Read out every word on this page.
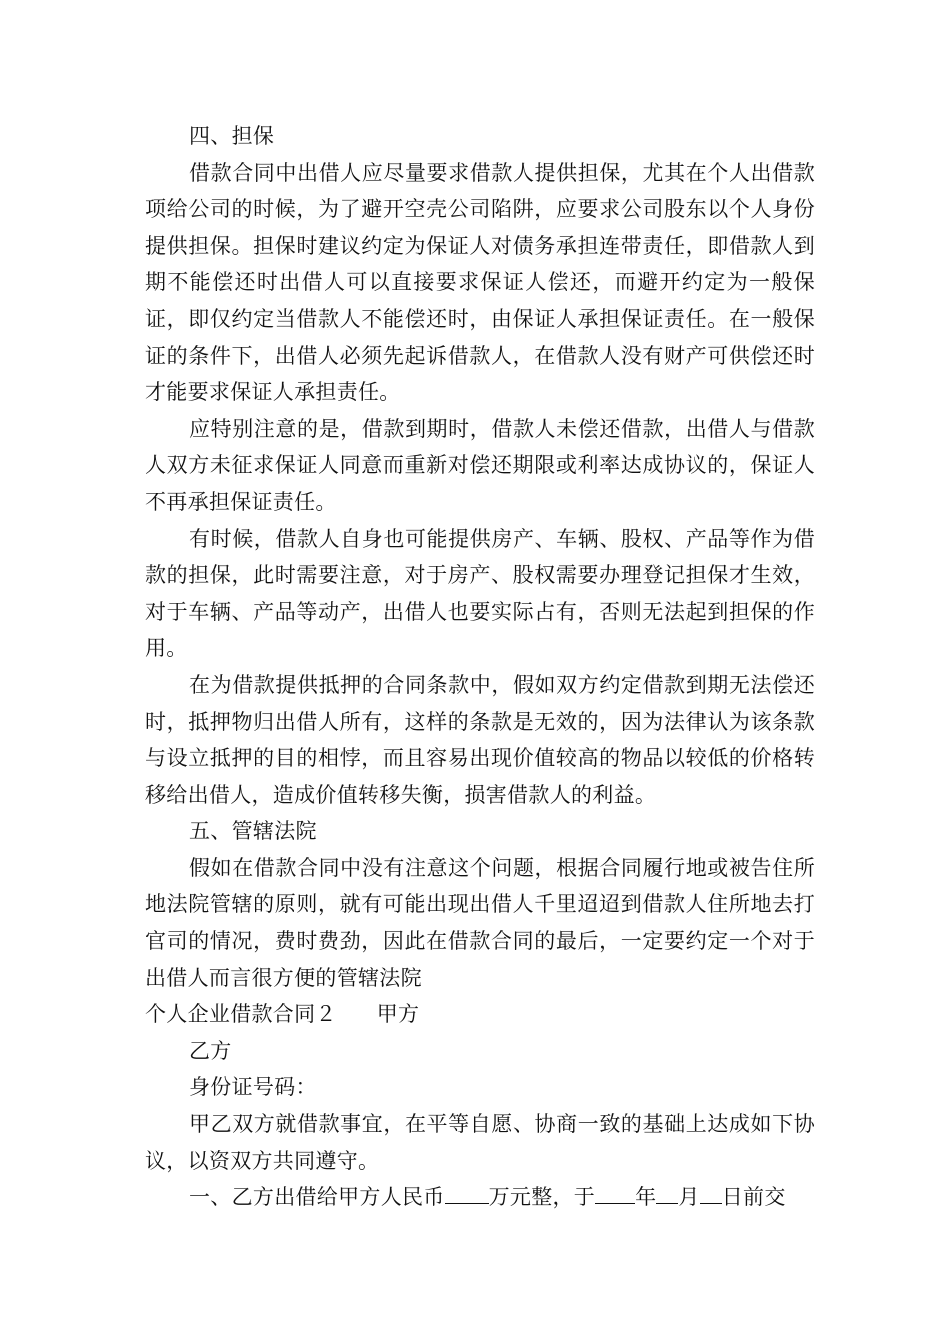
四、担保

借款合同中出借人应尽量要求借款人提供担保，尤其在个人出借款项给公司的时候，为了避开空壳公司陷阱，应要求公司股东以个人身份提供担保。担保时建议约定为保证人对债务承担连带责任，即借款人到期不能偿还时出借人可以直接要求保证人偿还，而避开约定为一般保证，即仅约定当借款人不能偿还时，由保证人承担保证责任。在一般保证的条件下，出借人必须先起诉借款人，在借款人没有财产可供偿还时才能要求保证人承担责任。

应特别注意的是，借款到期时，借款人未偿还借款，出借人与借款人双方未征求保证人同意而重新对偿还期限或利率达成协议的，保证人不再承担保证责任。

有时候，借款人自身也可能提供房产、车辆、股权、产品等作为借款的担保，此时需要注意，对于房产、股权需要办理登记担保才生效，对于车辆、产品等动产，出借人也要实际占有，否则无法起到担保的作用。

在为借款提供抵押的合同条款中，假如双方约定借款到期无法偿还时，抵押物归出借人所有，这样的条款是无效的，因为法律认为该条款与设立抵押的目的相悖，而且容易出现价值较高的物品以较低的价格转移给出借人，造成价值转移失衡，损害借款人的利益。

五、管辖法院

假如在借款合同中没有注意这个问题，根据合同履行地或被告住所地法院管辖的原则，就有可能出现出借人千里迢迢到借款人住所地去打官司的情况，费时费劲，因此在借款合同的最后，一定要约定一个对于出借人而言很方便的管辖法院

个人企业借款合同２ 甲方

乙方

身份证号码：

甲乙双方就借款事宜，在平等自愿、协商一致的基础上达成如下协议，以资双方共同遵守。

一、乙方出借给甲方人民币 万元整，于 年 月 日前交
